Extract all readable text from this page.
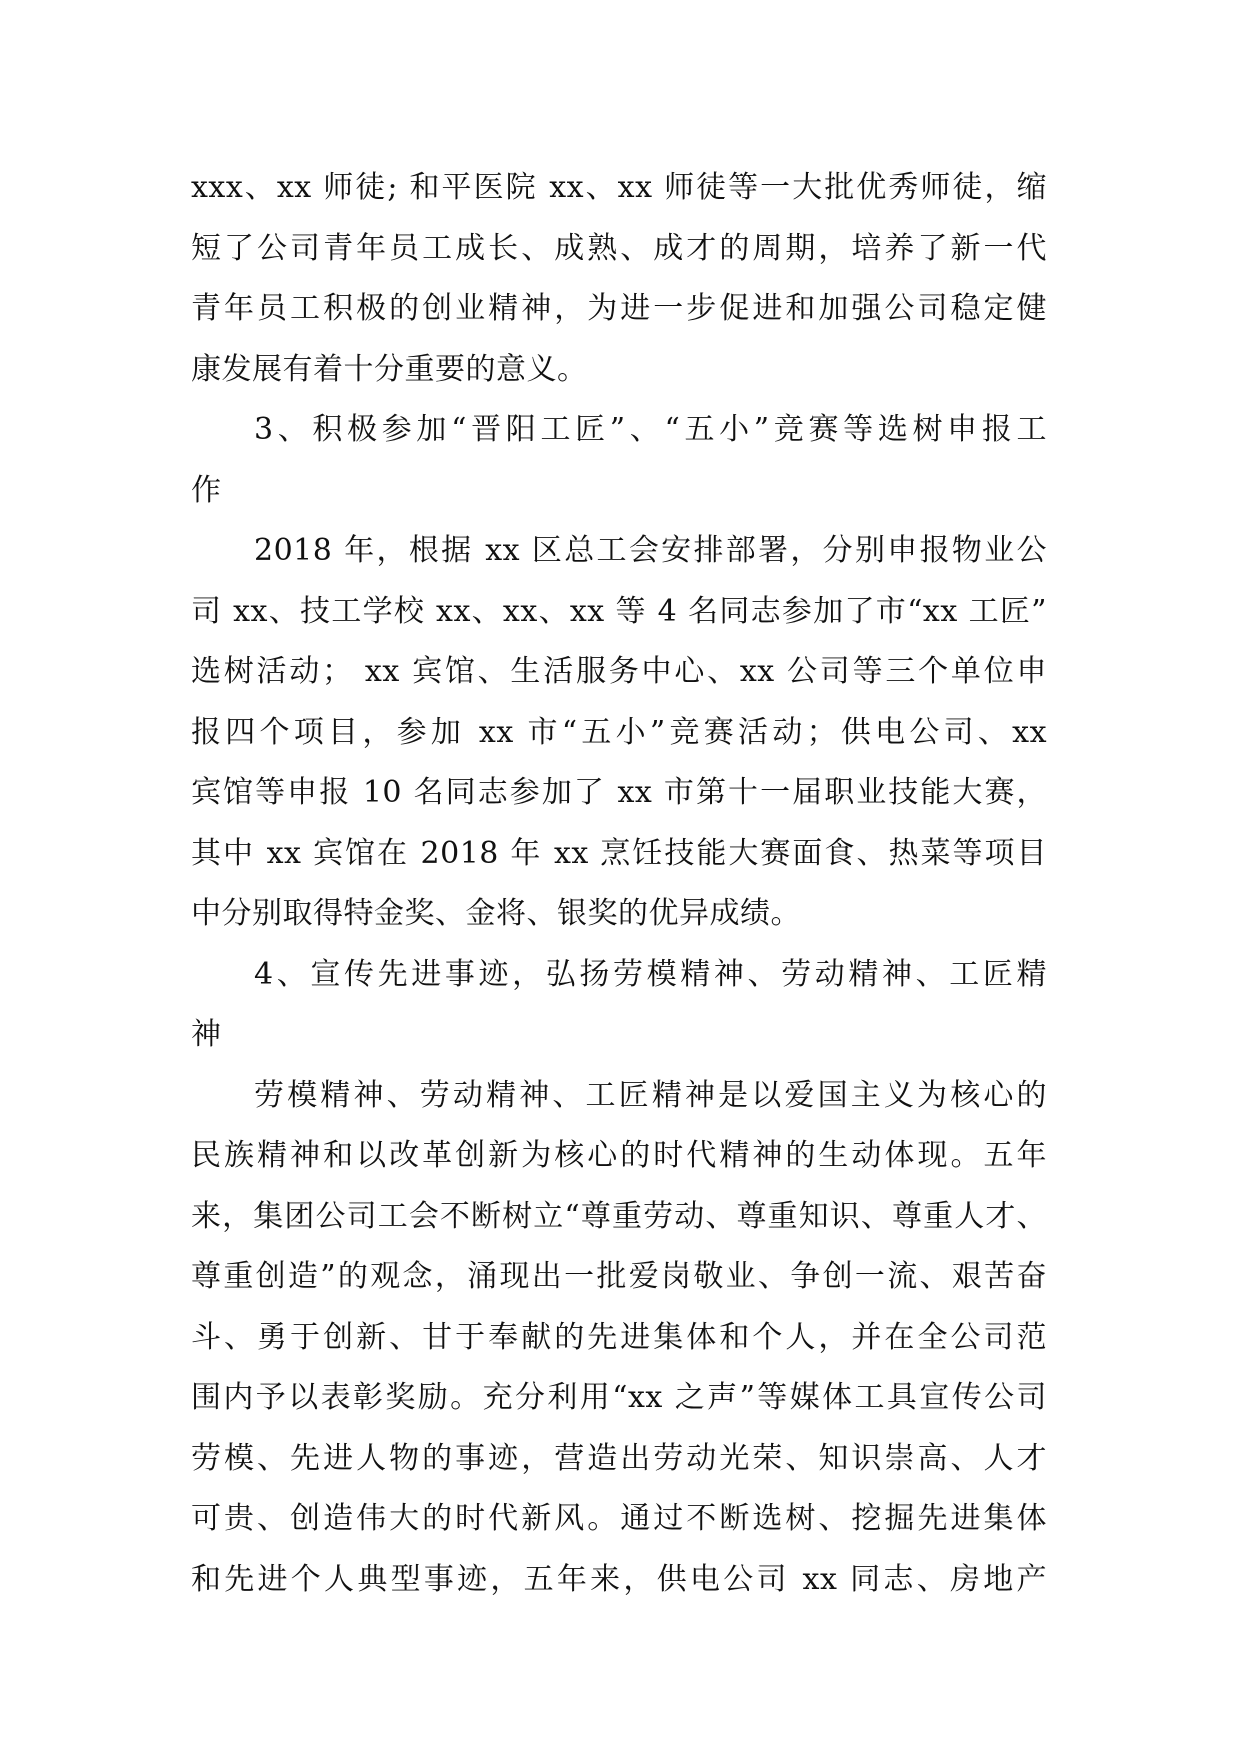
xxx、xx 师徒; 和平医院 xx、xx 师徒等一大批优秀师徒，缩
短了公司青年员工成长、成熟、成才的周期，培养了新一代
青年员工积极的创业精神，为进一步促进和加强公司稳定健
康发展有着十分重要的意义。
3、积极参加“晋阳工匠”、“五小”竞赛等选树申报工
作
2018 年，根据 xx 区总工会安排部署，分别申报物业公
司 xx、技工学校 xx、xx、xx 等 4 名同志参加了市“xx 工匠”
选树活动； xx 宾馆、生活服务中心、xx 公司等三个单位申
报四个项目，参加 xx 市“五小”竞赛活动；供电公司、xx
宾馆等申报 10 名同志参加了 xx 市第十一届职业技能大赛，
其中 xx 宾馆在 2018 年 xx 烹饪技能大赛面食、热菜等项目
中分别取得特金奖、金将、银奖的优异成绩。
4、宣传先进事迹，弘扬劳模精神、劳动精神、工匠精
神
劳模精神、劳动精神、工匠精神是以爱国主义为核心的
民族精神和以改革创新为核心的时代精神的生动体现。五年
来，集团公司工会不断树立“尊重劳动、尊重知识、尊重人才、
尊重创造”的观念，涌现出一批爱岗敬业、争创一流、艰苦奋
斗、勇于创新、甘于奉献的先进集体和个人，并在全公司范
围内予以表彰奖励。充分利用“xx 之声”等媒体工具宣传公司
劳模、先进人物的事迹，营造出劳动光荣、知识崇高、人才
可贵、创造伟大的时代新风。通过不断选树、挖掘先进集体
和先进个人典型事迹，五年来，供电公司 xx 同志、房地产
